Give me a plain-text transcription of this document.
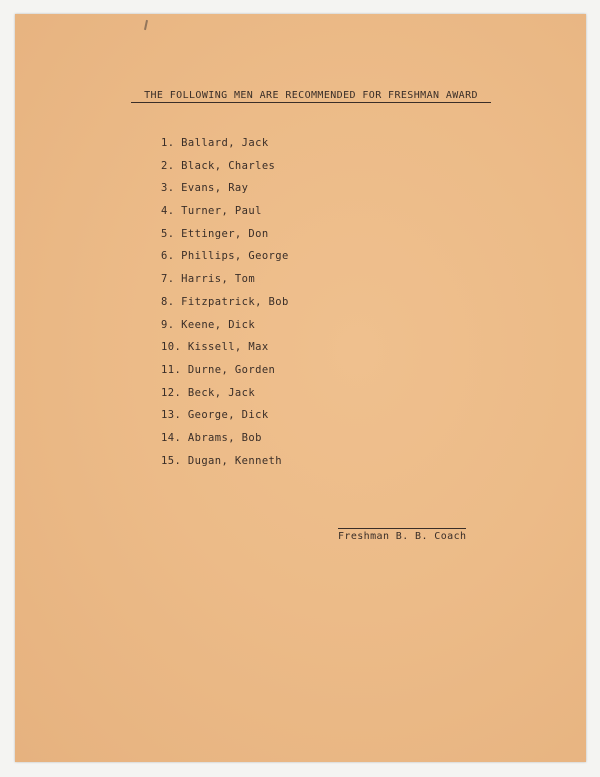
THE FOLLOWING MEN ARE RECOMMENDED FOR FRESHMAN AWARD
1. Ballard, Jack
2. Black, Charles
3. Evans, Ray
4. Turner, Paul
5. Ettinger, Don
6. Phillips, George
7. Harris, Tom
8. Fitzpatrick, Bob
9. Keene, Dick
10. Kissell, Max
11. Durne, Gorden
12. Beck, Jack
13. George, Dick
14. Abrams, Bob
15. Dugan, Kenneth
Freshman B. B. Coach
